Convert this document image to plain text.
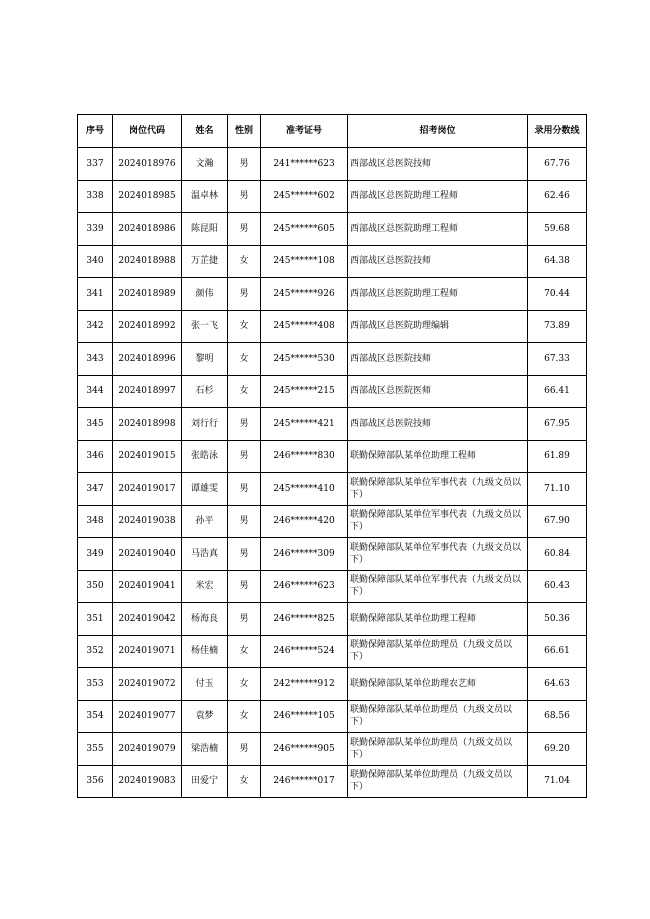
序号	岗位代码	姓名	性别	准考证号	招考岗位	录用分数线
337	2024018976	文瀚	男	241******623	西部战区总医院技师	67.76
338	2024018985	温卓林	男	245******602	西部战区总医院助理工程师	62.46
339	2024018986	陈昆阳	男	245******605	西部战区总医院助理工程师	59.68
340	2024018988	万芷捷	女	245******108	西部战区总医院技师	64.38
341	2024018989	颜伟	男	245******926	西部战区总医院助理工程师	70.44
342	2024018992	张一飞	女	245******408	西部战区总医院助理编辑	73.89
343	2024018996	黎明	女	245******530	西部战区总医院技师	67.33
344	2024018997	石杉	女	245******215	西部战区总医院医师	66.41
345	2024018998	刘行行	男	245******421	西部战区总医院技师	67.95
346	2024019015	张皓泳	男	246******830	联勤保障部队某单位助理工程师	61.89
347	2024019017	谭雄雯	男	245******410	联勤保障部队某单位军事代表（九级文员以下）	71.10
348	2024019038	孙平	男	246******420	联勤保障部队某单位军事代表（九级文员以下）	67.90
349	2024019040	马浩真	男	246******309	联勤保障部队某单位军事代表（九级文员以下）	60.84
350	2024019041	米宏	男	246******623	联勤保障部队某单位军事代表（九级文员以下）	60.43
351	2024019042	杨海良	男	246******825	联勤保障部队某单位助理工程师	50.36
352	2024019071	杨佳楠	女	246******524	联勤保障部队某单位助理员（九级文员以下）	66.61
353	2024019072	付玉	女	242******912	联勤保障部队某单位助理农艺师	64.63
354	2024019077	袁梦	女	246******105	联勤保障部队某单位助理员（九级文员以下）	68.56
355	2024019079	梁浩楠	男	246******905	联勤保障部队某单位助理员（九级文员以下）	69.20
356	2024019083	田爱宁	女	246******017	联勤保障部队某单位助理员（九级文员以下）	71.04
